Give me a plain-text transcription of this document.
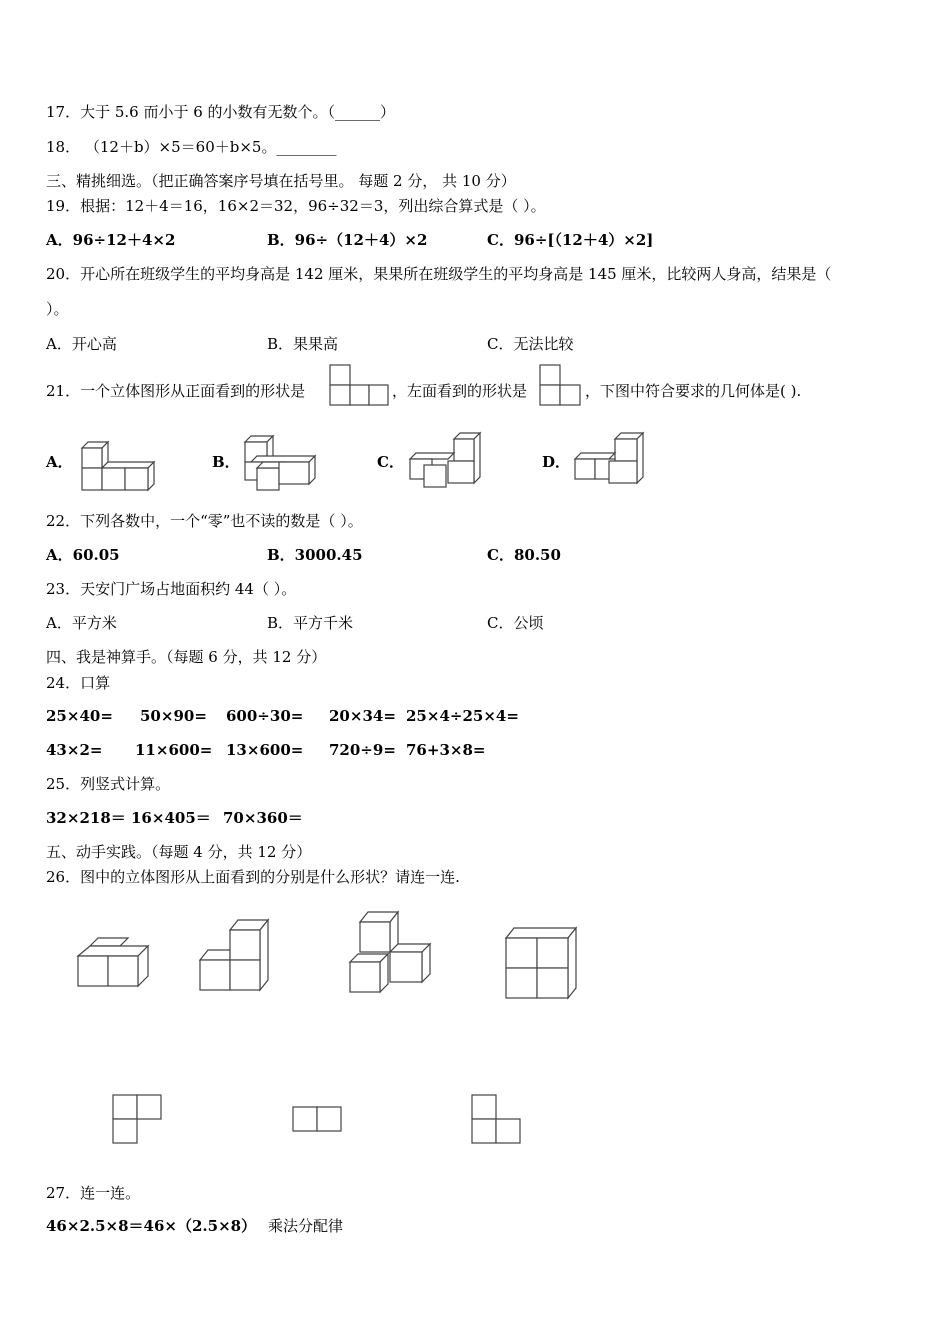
17．大于 5.6 而小于 6 的小数有无数个。（______）
18． （12＋b）×5＝60＋b×5。________
三、精挑细选。（把正确答案序号填在括号里。 每题 2 分， 共 10 分）
19．根据：12＋4＝16，16×2＝32，96÷32＝3，列出综合算式是（ ）。
A．96÷12＋4×2	B．96÷（12＋4）×2	C．96÷[（12＋4）×2]
20．开心所在班级学生的平均身高是 142 厘米，果果所在班级学生的平均身高是 145 厘米，比较两人身高，结果是（
）。
A．开心高	B．果果高	C．无法比较
21．一个立体图形从正面看到的形状是	，左面看到的形状是	，下图中符合要求的几何体是( ).
A．	B．	C．	D．
22．下列各数中，一个“零”也不读的数是（ ）。
A．60.05	B．3000.45	C．80.50
23．天安门广场占地面积约 44（ ）。
A．平方米	B．平方千米	C．公顷
四、我是神算手。（每题 6 分，共 12 分）
24．口算
25×40= 50×90= 600÷30= 20×34= 25×4÷25×4=
43×2= 11×600= 13×600= 720÷9= 76+3×8=
25．列竖式计算。
32×218＝ 16×405＝ 70×360＝
五、动手实践。（每题 4 分，共 12 分）
26．图中的立体图形从上面看到的分别是什么形状？请连一连.
27．连一连。
46×2.5×8＝46×（2.5×8） 乘法分配律
